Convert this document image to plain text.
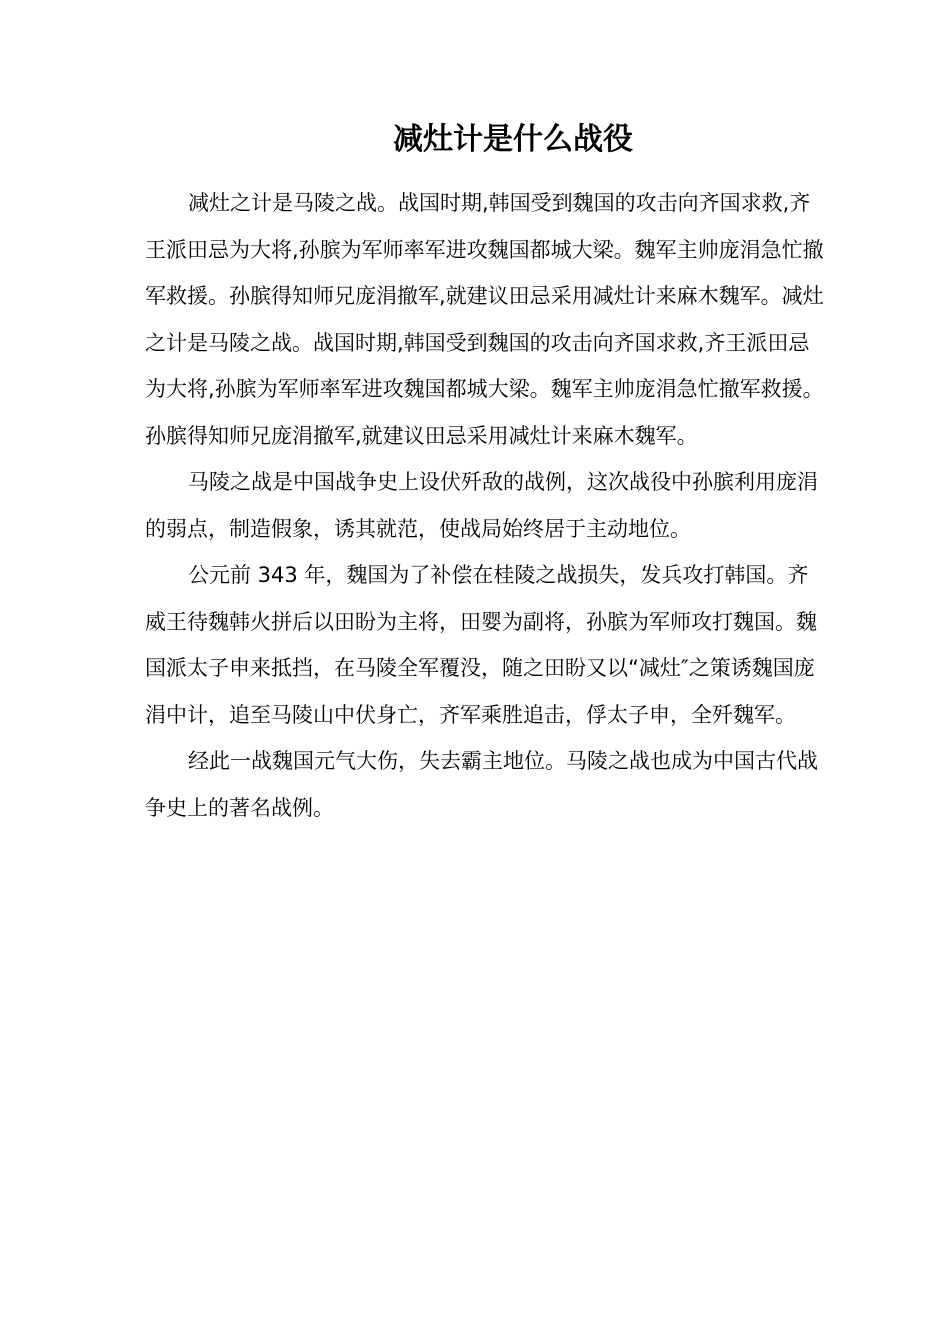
减灶计是什么战役

减灶之计是马陵之战。战国时期,韩国受到魏国的攻击向齐国求救,齐王派田忌为大将,孙膑为军师率军进攻魏国都城大梁。魏军主帅庞涓急忙撤军救援。孙膑得知师兄庞涓撤军,就建议田忌采用减灶计来麻木魏军。减灶之计是马陵之战。战国时期,韩国受到魏国的攻击向齐国求救,齐王派田忌为大将,孙膑为军师率军进攻魏国都城大梁。魏军主帅庞涓急忙撤军救援。孙膑得知师兄庞涓撤军,就建议田忌采用减灶计来麻木魏军。

马陵之战是中国战争史上设伏歼敌的战例，这次战役中孙膑利用庞涓的弱点，制造假象，诱其就范，使战局始终居于主动地位。

公元前 343 年，魏国为了补偿在桂陵之战损失，发兵攻打韩国。齐威王待魏韩火拼后以田盼为主将，田婴为副将，孙膑为军师攻打魏国。魏国派太子申来抵挡，在马陵全军覆没，随之田盼又以“减灶″之策诱魏国庞涓中计，追至马陵山中伏身亡，齐军乘胜追击，俘太子申，全歼魏军。

经此一战魏国元气大伤，失去霸主地位。马陵之战也成为中国古代战争史上的著名战例。
